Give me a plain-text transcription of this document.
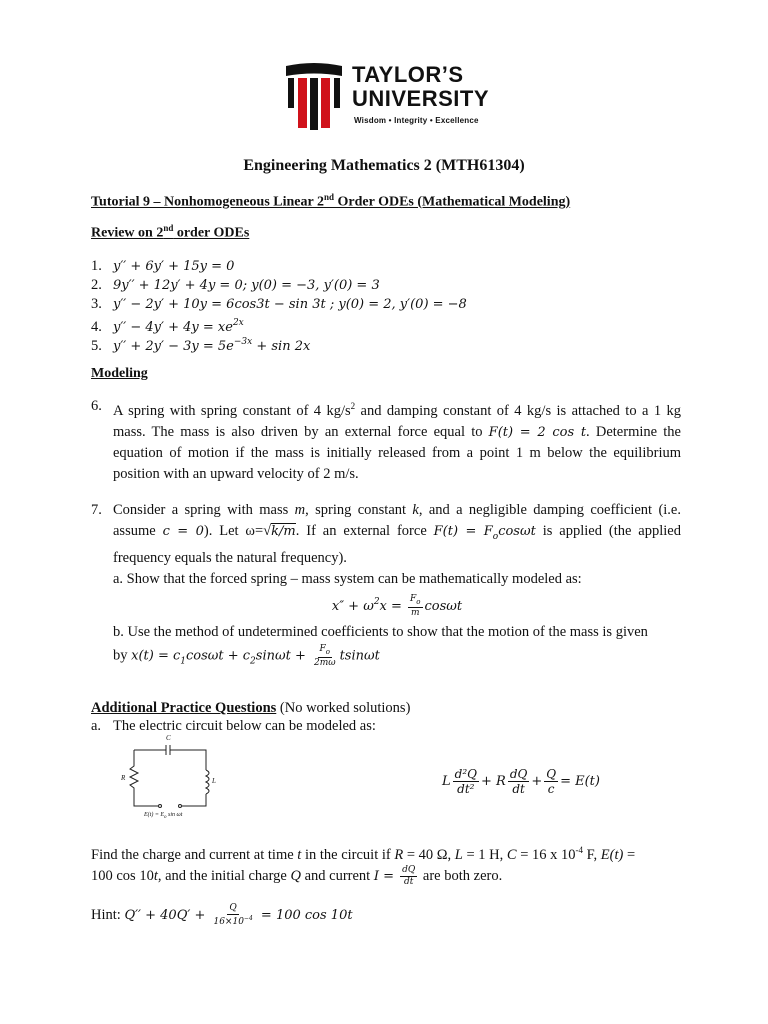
TAYLOR’S
UNIVERSITY
Wisdom • Integrity • Excellence
Engineering Mathematics 2 (MTH61304)
Tutorial 9 – Nonhomogeneous Linear 2nd Order ODEs (Mathematical Modeling)
Review on 2nd order ODEs
1. y′′ + 6y′ + 15y = 0
2. 9y′′ + 12y′ + 4y = 0; y(0) = −3, y′(0) = 3
3. y′′ − 2y′ + 10y = 6cos3t − sin 3t ; y(0) = 2, y′(0) = −8
4. $y'' - 4y' + 4y = xe^{2x}$
5. $y'' + 2y' - 3y = 5e^{-3x} + \sin 2x$
Modeling
6. A spring with spring constant of 4 $kg/s^2$ and damping constant of 4 kg/s is attached to a 1 kg mass. The mass is also driven by an external force equal to F(t) = 2 cos t. Determine the equation of motion if the mass is initially released from a point 1 m below the equilibrium position with an upward velocity of 2 m/s.
7. Consider a spring with mass m, spring constant k, and a negligible damping coefficient (i.e. assume c = 0). Let ω=√k/m. If an external force $F(t) = F_o\cos\omega t$ is applied (the applied frequency equals the natural frequency).
a. Show that the forced spring – mass system can be mathematically modeled as:
$x'' + \omega^2x = \frac{F_o}{m}$ cosωt
b. Use the method of undetermined coefficients to show that the motion of the mass is given
by $x(t) = c_1\cos\omega t + c_2\sin\omega t + \frac{F_o}{2m\omega}$ tsinωt
Additional Practice Questions (No worked solutions)
a. The electric circuit below can be modeled as:
C
R	L
$E(t) = E_o$ sin ωt
L $\frac{\text{d²Q}}{\text{dt²}} + R \frac{dQ}{dt} + \frac{Q}{c} = E(t)$
Find the charge and current at time t in the circuit if R = 40 Ω, L = 1 H, C = 16 x $10^{-4}$ F, E(t) =
100 cos 10t, and the initial charge Q and current $I = \frac{dQ}{dt}$ are both zero.
Hint: $Q'' + 40Q' + \frac{Q}{16\times 10^{-4}} = 100$ cos 10t
